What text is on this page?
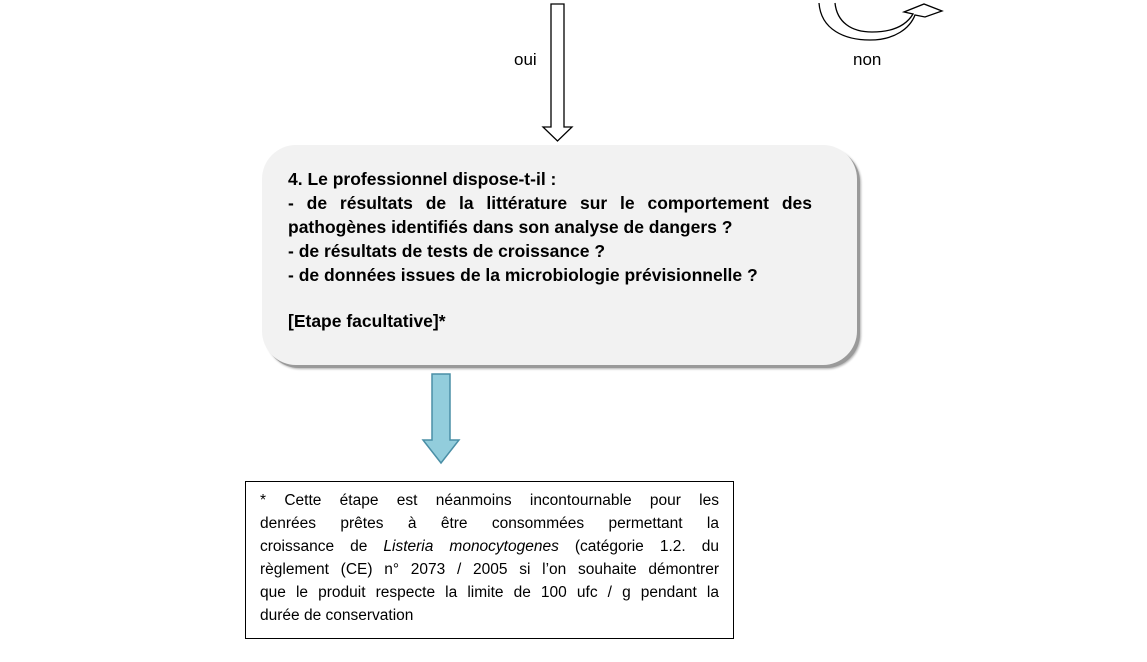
oui	non
4. Le professionnel dispose-t-il :
- de résultats de la littérature sur le comportement des
pathogènes identifiés dans son analyse de dangers ?
- de résultats de tests de croissance ?
- de données issues de la microbiologie prévisionnelle ?
[Etape facultative]*
* Cette étape est néanmoins incontournable pour les
denrées prêtes à être consommées permettant la
croissance de Listeria monocytogenes (catégorie 1.2. du
règlement (CE) n° 2073 / 2005 si l’on souhaite démontrer
que le produit respecte la limite de 100 ufc / g pendant la
durée de conservation
